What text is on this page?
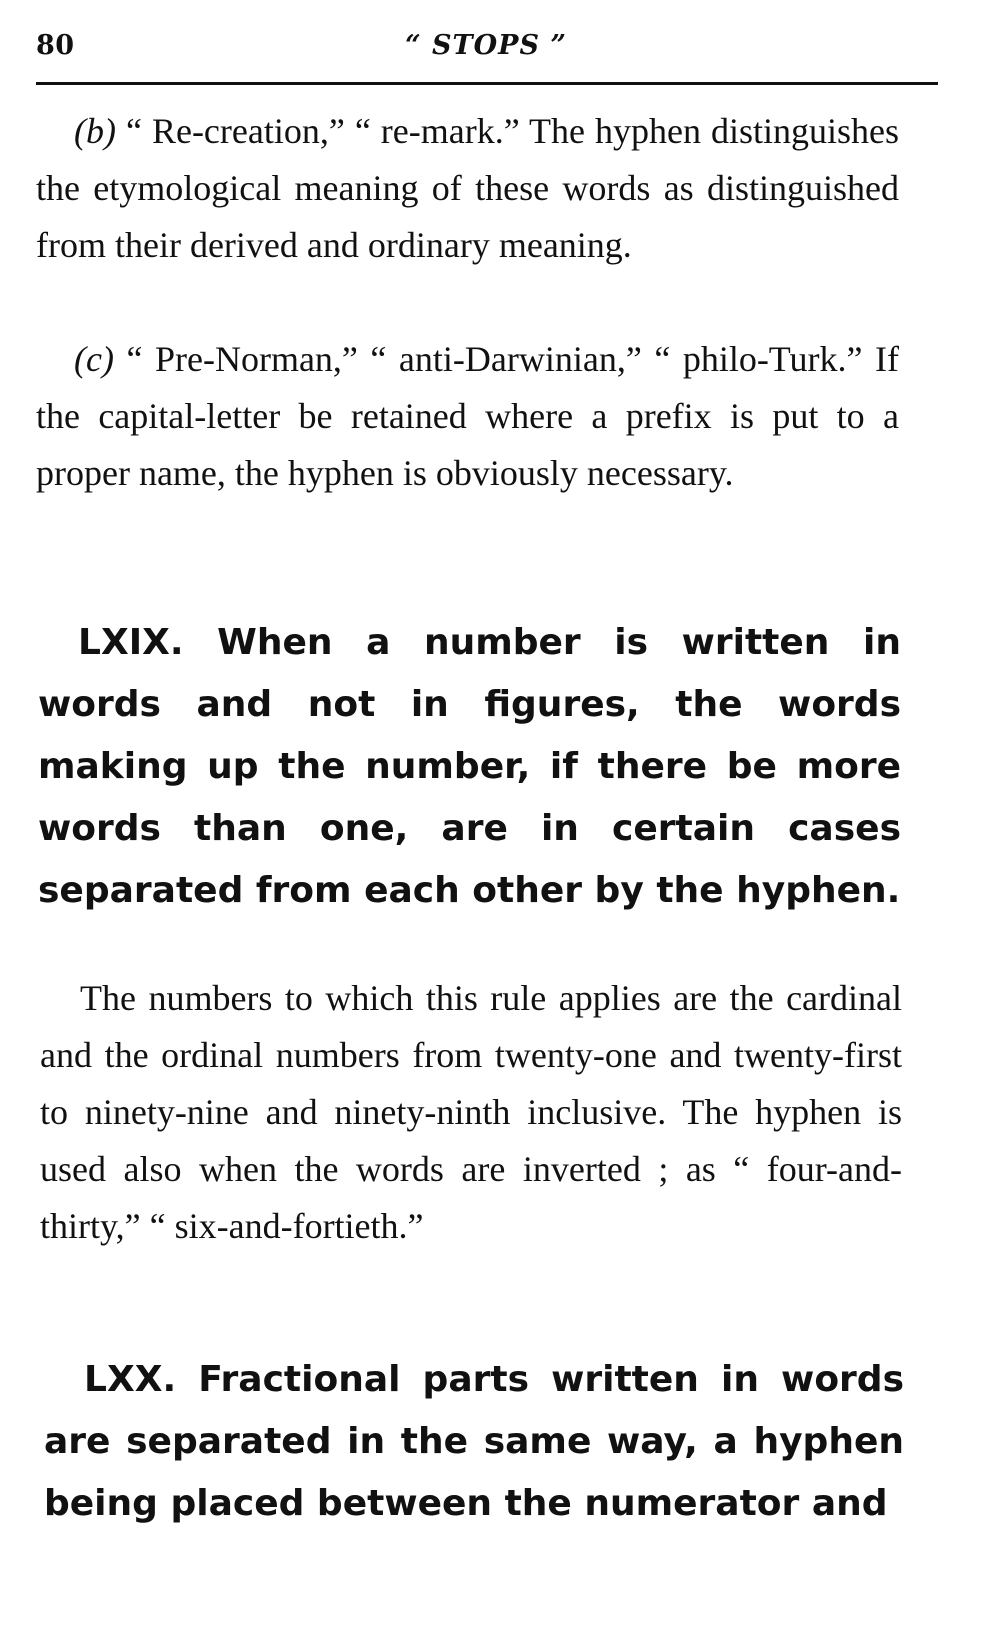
80	“ STOPS ”

(b) “ Re-creation,” “ re-mark.” The hyphen distinguishes the etymological meaning of these words as distinguished from their derived and ordinary meaning.

(c) “ Pre-Norman,” “ anti-Darwinian,” “ philo-Turk.” If the capital-letter be retained where a prefix is put to a proper name, the hyphen is obviously necessary.

LXIX. When a number is written in words and not in figures, the words making up the number, if there be more words than one, are in certain cases separated from each other by the hyphen.

The numbers to which this rule applies are the cardinal and the ordinal numbers from twenty-one and twenty-first to ninety-nine and ninety-ninth inclusive. The hyphen is used also when the words are inverted ; as “ four-and-thirty,” “ six-and-fortieth.”

LXX. Fractional parts written in words are separated in the same way, a hyphen being placed between the numerator and
